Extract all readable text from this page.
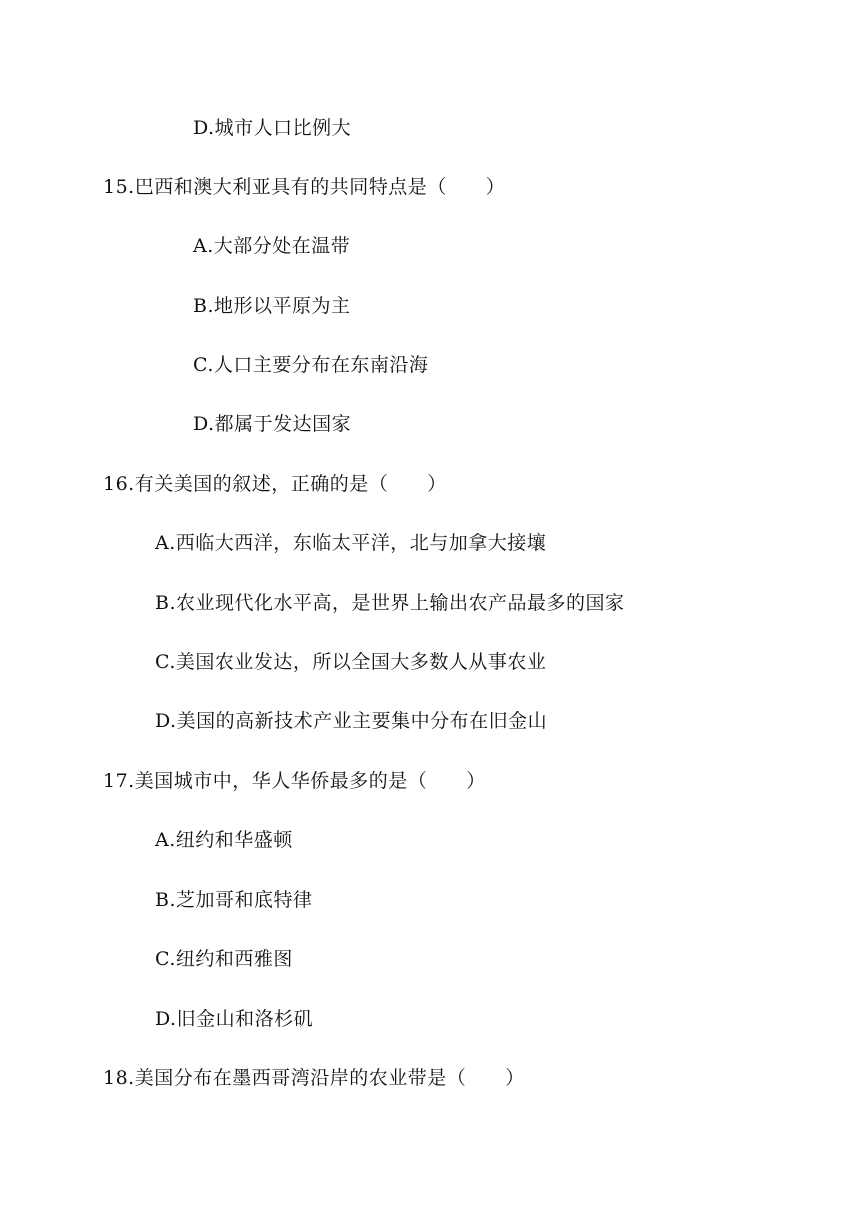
D.城市人口比例大
15.巴西和澳大利亚具有的共同特点是（　　）
A.大部分处在温带
B.地形以平原为主
C.人口主要分布在东南沿海
D.都属于发达国家
16.有关美国的叙述，正确的是（　　）
A.西临大西洋，东临太平洋，北与加拿大接壤
B.农业现代化水平高，是世界上输出农产品最多的国家
C.美国农业发达，所以全国大多数人从事农业
D.美国的高新技术产业主要集中分布在旧金山
17.美国城市中，华人华侨最多的是（　　）
A.纽约和华盛顿
B.芝加哥和底特律
C.纽约和西雅图
D.旧金山和洛杉矶
18.美国分布在墨西哥湾沿岸的农业带是（　　）
